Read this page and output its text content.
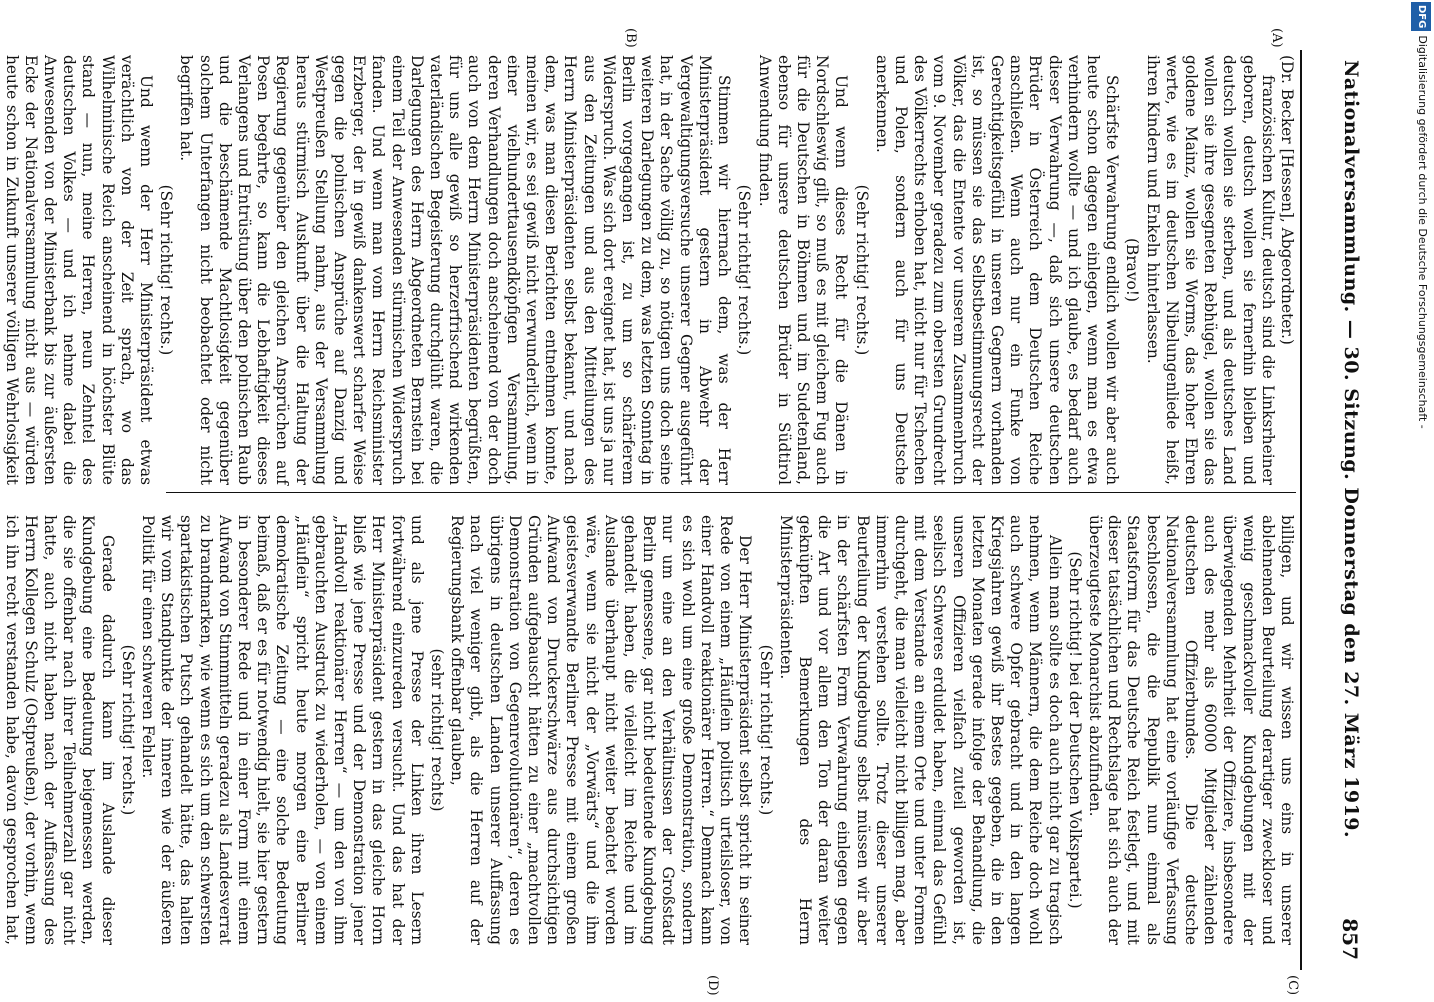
Nationalversammlung. — 30. Sitzung. Donnerstag den 27. März 1919.
857
(A)
(B)
(C)
(D)

(Dr. Becker [Hessen], Abgeordneter.)

französischen Kultur, deutsch sind die Linksrheiner geboren, deutsch wollen sie fernerhin bleiben und deutsch wollen sie sterben, und als deutsches Land wollen sie ihre gesegneten Rebhügel, wollen sie das goldene Mainz, wollen sie Worms, das hoher Ehren werte, wie es im deutschen Nibelungenliede heißt, ihren Kindern und Enkeln hinterlassen.

(Bravo!)

Schärfste Verwahrung endlich wollen wir aber auch heute schon dagegen einlegen, wenn man es etwa verhindern wollte — und ich glaube, es bedarf auch dieser Verwahrung —, daß sich unsere deutschen Brüder in Österreich dem Deutschen Reiche anschließen. Wenn auch nur ein Funke von Gerechtigkeitsgefühl in unseren Gegnern vorhanden ist, so müssen sie das Selbstbestimmungsrecht der Völker, das die Entente vor unserem Zusammenbruch vom 9. November geradezu zum obersten Grundrecht des Völkerrechts erhoben hat, nicht nur für Tschechen und Polen, sondern auch für uns Deutsche anerkennen.

(Sehr richtig! rechts.)

Und wenn dieses Recht für die Dänen in Nordschleswig gilt, so muß es mit gleichem Fug auch für die Deutschen in Böhmen und im Sudetenland, ebenso für unsere deutschen Brüder in Südtirol Anwendung finden.

(Sehr richtig! rechts.)

Stimmen wir hiernach dem, was der Herr Ministerpräsident gestern in Abwehr der Vergewaltigungsversuche unserer Gegner ausgeführt hat, in der Sache völlig zu, so nötigen uns doch seine weiteren Darlegungen zu dem, was letzten Sonntag in Berlin vorgegangen ist, zu um so schärferem Widerspruch. Was sich dort ereignet hat, ist uns ja nur aus den Zeitungen und aus den Mitteilungen des Herrn Ministerpräsidenten selbst bekannt, und nach dem, was man diesen Berichten entnehmen konnte, meinen wir, es sei gewiß nicht verwunderlich, wenn in einer vielhunderttausendköpfigen Versammlung, deren Verhandlungen doch anscheinend von der doch auch von dem Herrn Ministerpräsidenten begrüßten, für uns alle gewiß so herzerfrischend wirkenden vaterländischen Begeisterung durchglüht waren, die Darlegungen des Herrn Abgeordneten Bernstein bei einem Teil der Anwesenden stürmischen Widerspruch fanden. Und wenn man vom Herrn Reichsminister Erzberger, der in gewiß dankenswert scharfer Weise gegen die polnischen Ansprüche auf Danzig und Westpreußen Stellung nahm, aus der Versammlung heraus stürmisch Auskunft über die Haltung der Regierung gegenüber den gleichen Ansprüchen auf Posen begehrte, so kann die Lebhaftigkeit dieses Verlangens und Entrüstung über den polnischen Raub und die beschämende Machtlosigkeit gegenüber solchem Unterfangen nicht beobachtet oder nicht begriffen hat.

(Sehr richtig! rechts.)

Und wenn der Herr Ministerpräsident etwas verächtlich von der Zeit sprach, wo das Wilhelminische Reich anscheinend in höchster Blüte stand — nun, meine Herren, neun Zehntel des deutschen Volkes — und ich nehme dabei die Anwesenden von der Ministerbank bis zur äußersten Ecke der Nationalversammlung nicht aus — würden heute schon in Zukunft unserer völligen Wehrlosigkeit

billigen, und wir wissen uns eins in unserer ablehnenden Beurteilung derartiger zweckloser und wenig geschmackvoller Kundgebungen mit der überwiegenden Mehrheit der Offiziere, insbesondere auch des mehr als 60000 Mitglieder zählenden deutschen Offizierbundes. Die deutsche Nationalversammlung hat eine vorläufige Verfassung beschlossen, die die Republik nun einmal als Staatsform für das Deutsche Reich festlegt, und mit dieser tatsächlichen und Rechtslage hat sich auch der überzeugteste Monarchist abzufinden.

(Sehr richtig! bei der Deutschen Volkspartei.)

Allein man sollte es doch auch nicht gar zu tragisch nehmen, wenn Männern, die dem Reiche doch wohl auch schwere Opfer gebracht und in den langen Kriegsjahren gewiß ihr Bestes gegeben, die in den letzten Monaten gerade infolge der Behandlung, die unseren Offizieren vielfach zuteil geworden ist, seelisch Schweres erduldet haben, einmal das Gefühl mit dem Verstande an einem Orte und unter Formen durchgeht, die man vielleicht nicht billigen mag, aber immerhin verstehen sollte. Trotz dieser unserer Beurteilung der Kundgebung selbst müssen wir aber in der schärfsten Form Verwahrung einlegen gegen die Art und vor allem den Ton der daran weiter geknüpften Bemerkungen des Herrn Ministerpräsidenten.

(Sehr richtig! rechts.)

Der Herr Ministerpräsident selbst spricht in seiner Rede von einem „Häuflein politisch urteilsloser, von einer Handvoll reaktionärer Herren.“ Demnach kann es sich wohl um eine große Demonstration, sondern nur um eine an den Verhältnissen der Großstadt Berlin gemessene, gar nicht bedeutende Kundgebung gehandelt haben, die vielleicht im Reiche und im Auslande überhaupt nicht weiter beachtet worden wäre, wenn sie nicht der „Vorwärts“ und die ihm geistesverwandte Berliner Presse mit einem großen Aufwand von Druckerschwärze aus durchsichtigen Gründen aufgebauscht hätten zu einer „machtvollen Demonstration von Gegenrevolutionären“, deren es übrigens in deutschen Landen unserer Auffassung nach viel weniger gibt, als die Herren auf der Regierungsbank offenbar glauben,

(sehr richtig! rechts)

und als jene Presse der Linken ihren Lesern fortwährend einzureden versucht. Und das hat der Herr Ministerpräsident gestern in das gleiche Horn bließ wie jene Presse und der Demonstration jener „Handvoll reaktionärer Herren“ — um den von ihm gebrauchten Ausdruck zu wiederholen, — von einem „Häuflein“ spricht heute morgen eine Berliner demokratische Zeitung — eine solche Bedeutung beimaß, daß er es für notwendig hielt, sie hier gestern in besonderer Rede und in einer Form mit einem Aufwand von Stimmmitteln geradezu als Landesverrat zu brandmarken, wie wenn es sich um den schwersten spartakistischen Putsch gehandelt hätte, das halten wir vom Standpunkte der inneren wie der äußeren Politik für einen schweren Fehler.

(Sehr richtig! rechts.)

Gerade dadurch kann im Auslande dieser Kundgebung eine Bedeutung beigemessen werden, die sie offenbar nach ihrer Teilnehmerzahl gar nicht hatte, auch nicht haben nach der Auffassung des Herrn Kollegen Schulz (Ostpreußen), der vorhin, wenn ich ihn recht verstanden habe, davon gesprochen hat,

DFGDigitalisierung gefördert durch die Deutsche Forschungsgemeinschaft -
